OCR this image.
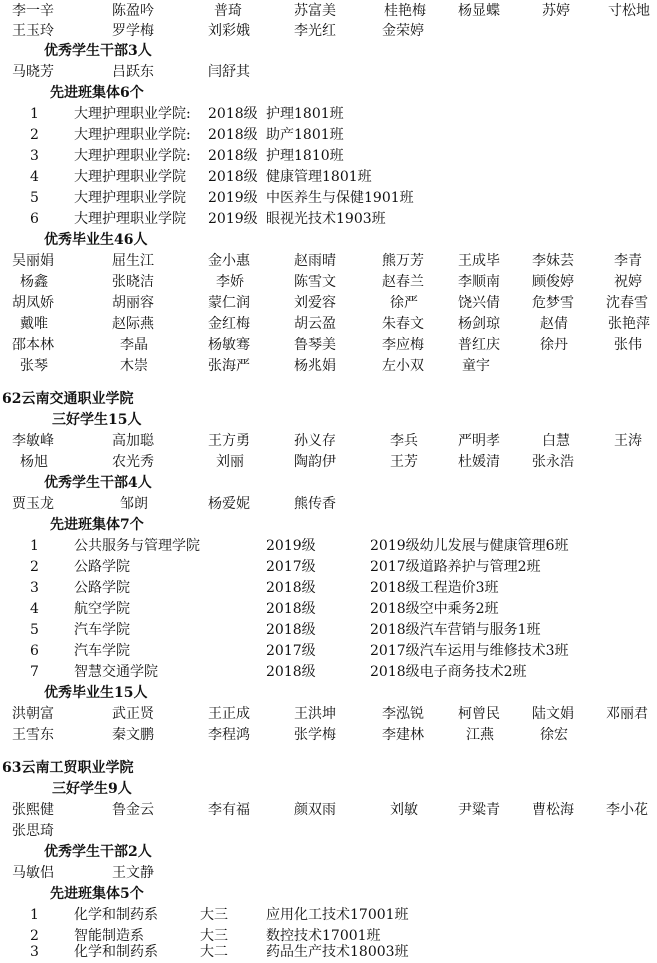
李一辛	陈盈吟	普琦	苏富美	桂艳梅 杨显蝶	苏婷	寸松地
王玉玲	罗学梅	刘彩娥	李光红	金荣婷
优秀学生干部3人
马晓芳	吕跃东	闫舒其
先进班集体6个
1	大理护理职业学院: 2018级 护理1801班
2	大理护理职业学院: 2018级 助产1801班
3	大理护理职业学院: 2018级 护理1810班
4	大理护理职业学院 2018级 健康管理1801班
5	大理护理职业学院 2019级 中医养生与保健1901班
6	大理护理职业学院 2019级 眼视光技术1903班
优秀毕业生46人
吴丽娟	屈生江	金小惠	赵雨晴	熊万芳 王成毕 李妹芸	李青
杨鑫	张晓洁	李娇	陈雪文	赵春兰 李顺南 顾俊婷	祝婷
胡凤娇	胡丽容	蒙仁润	刘爱容	徐严	饶兴倩 危梦雪 沈春雪
戴唯	赵际燕	金红梅	胡云盈	朱春文 杨剑琼	赵倩	张艳萍
邵本林	李晶	杨敏骞	鲁琴美	李应梅 普红庆	徐丹	张伟
张琴	木崇	张海严	杨兆娟	左小双	童宇
62云南交通职业学院
三好学生15人
李敏峰	高加聪	王方勇	孙义存	李兵	严明孝	白慧	王涛
杨旭	农光秀	刘丽	陶韵伊	王芳	杜媛清 张永浩
优秀学生干部4人
贾玉龙	邹朗	杨爱妮	熊传香
先进班集体7个
1	公共服务与管理学院	2019级	2019级幼儿发展与健康管理6班
2	公路学院	2017级	2017级道路养护与管理2班
3	公路学院	2018级	2018级工程造价3班
4	航空学院	2018级	2018级空中乘务2班
5	汽车学院	2018级	2018级汽车营销与服务1班
6	汽车学院	2017级	2017级汽车运用与维修技术3班
7	智慧交通学院	2018级	2018级电子商务技术2班
优秀毕业生15人
洪朝富	武正贤	王正成	王洪坤	李泓锐 柯曾民 陆文娟 邓丽君
王雪东	秦文鹏	李程鸿	张学梅	李建林	江燕	徐宏
63云南工贸职业学院
三好学生9人
张熙健	鲁金云	李有福	颜双雨	刘敏	尹粱青 曹松海 李小花
张思琦
优秀学生干部2人
马敏侣	王文静
先进班集体5个
1	化学和制药系	大三	应用化工技术17001班
2	智能制造系	大三	数控技术17001班
3	化学和制药系	大二	药品生产技术18003班
